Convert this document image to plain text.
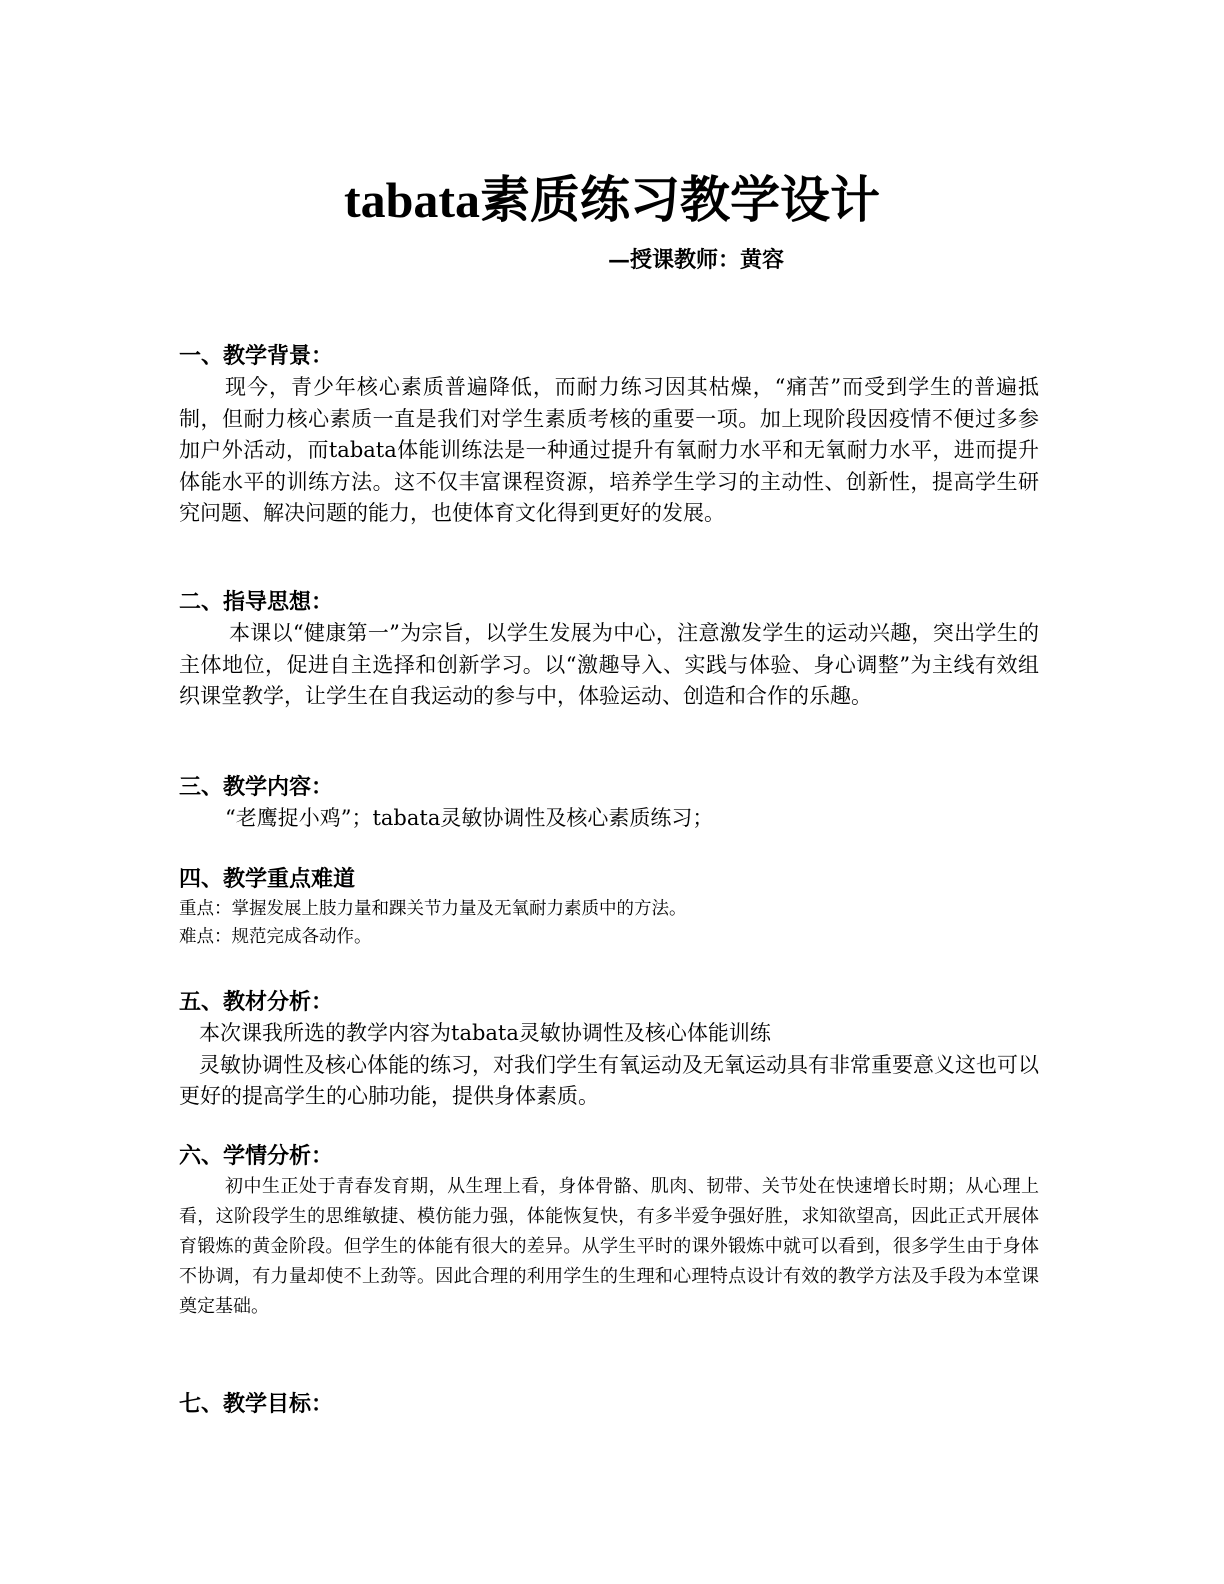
tabata素质练习教学设计
—授课教师：黄容
一、教学背景：
现今，青少年核心素质普遍降低，而耐力练习因其枯燥，“痛苦”而受到学生的普遍抵制，但耐力核心素质一直是我们对学生素质考核的重要一项。加上现阶段因疫情不便过多参加户外活动，而tabata体能训练法是一种通过提升有氧耐力水平和无氧耐力水平，进而提升体能水平的训练方法。这不仅丰富课程资源，培养学生学习的主动性、创新性，提高学生研究问题、解决问题的能力，也使体育文化得到更好的发展。
二、指导思想：
本课以“健康第一”为宗旨，以学生发展为中心，注意激发学生的运动兴趣，突出学生的主体地位，促进自主选择和创新学习。以“激趣导入、实践与体验、身心调整”为主线有效组织课堂教学，让学生在自我运动的参与中，体验运动、创造和合作的乐趣。
三、教学内容：
“老鹰捉小鸡”；tabata灵敏协调性及核心素质练习；
四、教学重点难道
重点：掌握发展上肢力量和踝关节力量及无氧耐力素质中的方法。
难点：规范完成各动作。
五、教材分析：
本次课我所选的教学内容为tabata灵敏协调性及核心体能训练
灵敏协调性及核心体能的练习，对我们学生有氧运动及无氧运动具有非常重要意义这也可以更好的提高学生的心肺功能，提供身体素质。
六、学情分析：
初中生正处于青春发育期，从生理上看，身体骨骼、肌肉、韧带、关节处在快速增长时期；从心理上看，这阶段学生的思维敏捷、模仿能力强，体能恢复快，有多半爱争强好胜，求知欲望高，因此正式开展体育锻炼的黄金阶段。但学生的体能有很大的差异。从学生平时的课外锻炼中就可以看到，很多学生由于身体不协调，有力量却使不上劲等。因此合理的利用学生的生理和心理特点设计有效的教学方法及手段为本堂课奠定基础。
七、教学目标：
